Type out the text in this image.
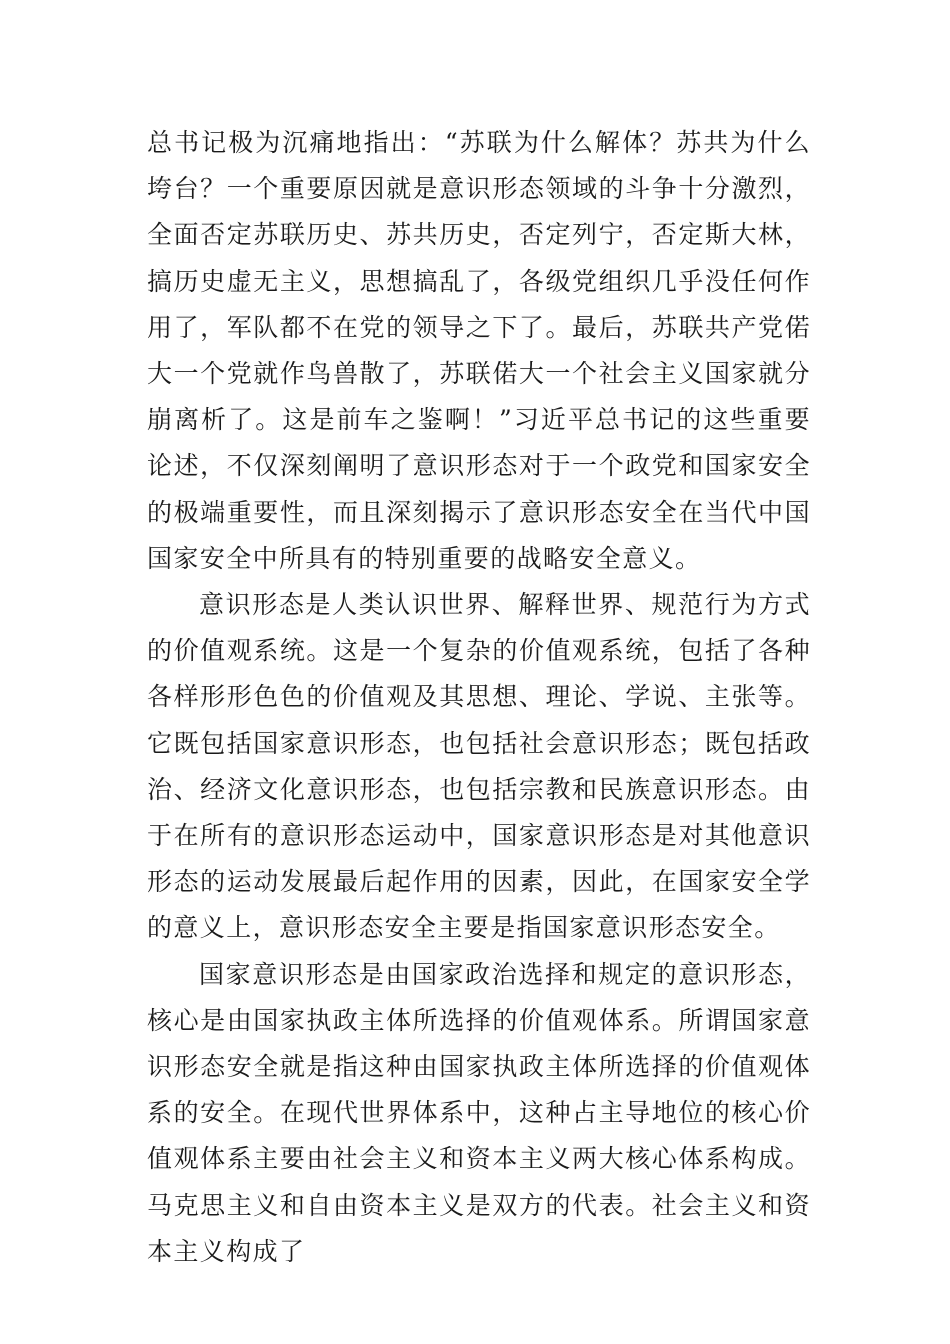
总书记极为沉痛地指出：“苏联为什么解体？苏共为什么垮台？一个重要原因就是意识形态领域的斗争十分激烈，全面否定苏联历史、苏共历史，否定列宁，否定斯大林，搞历史虚无主义，思想搞乱了，各级党组织几乎没任何作用了，军队都不在党的领导之下了。最后，苏联共产党偌大一个党就作鸟兽散了，苏联偌大一个社会主义国家就分崩离析了。这是前车之鉴啊！”习近平总书记的这些重要论述，不仅深刻阐明了意识形态对于一个政党和国家安全的极端重要性，而且深刻揭示了意识形态安全在当代中国国家安全中所具有的特别重要的战略安全意义。

意识形态是人类认识世界、解释世界、规范行为方式的价值观系统。这是一个复杂的价值观系统，包括了各种各样形形色色的价值观及其思想、理论、学说、主张等。它既包括国家意识形态，也包括社会意识形态；既包括政治、经济文化意识形态，也包括宗教和民族意识形态。由于在所有的意识形态运动中，国家意识形态是对其他意识形态的运动发展最后起作用的因素，因此，在国家安全学的意义上，意识形态安全主要是指国家意识形态安全。

国家意识形态是由国家政治选择和规定的意识形态，核心是由国家执政主体所选择的价值观体系。所谓国家意识形态安全就是指这种由国家执政主体所选择的价值观体系的安全。在现代世界体系中，这种占主导地位的核心价值观体系主要由社会主义和资本主义两大核心体系构成。马克思主义和自由资本主义是双方的代表。社会主义和资本主义构成了
